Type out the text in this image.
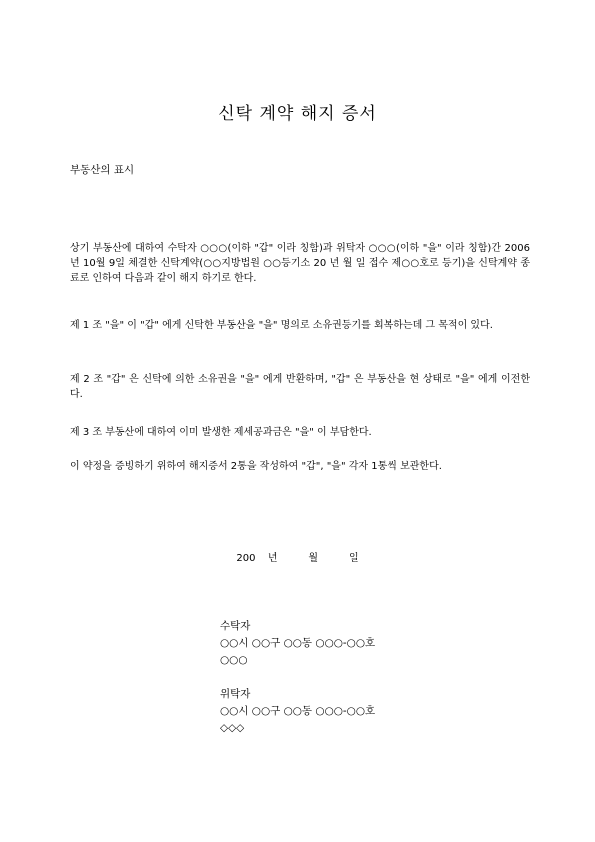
신탁 계약 해지 증서
부동산의 표시
상기 부동산에 대하여 수탁자 ○○○(이하 "갑" 이라 칭함)과 위탁자 ○○○(이하 "을" 이라 칭함)간 2006년 10월 9일 체결한 신탁계약(○○지방법원 ○○등기소 20 년 월 일 접수 제○○호로 등기)을 신탁계약 종료로 인하여 다음과 같이 해지 하기로 한다.
제 1 조 "을" 이 "갑" 에게 신탁한 부동산을 "을" 명의로 소유권등기를 회복하는데 그 목적이 있다.
제 2 조 "갑" 은 신탁에 의한 소유권을 "을" 에게 반환하며, "갑" 은 부동산을 현 상태로 "을" 에게 이전한다.
제 3 조 부동산에 대하여 이미 발생한 제세공과금은 "을" 이 부담한다.
이 약정을 증빙하기 위하여 해지증서 2통을 작성하여 "갑", "을" 각자 1통씩 보관한다.
200  년     월     일
수탁자
○○시 ○○구 ○○동 ○○○-○○호
○○○
위탁자
○○시 ○○구 ○○동 ○○○-○○호
◇◇◇
